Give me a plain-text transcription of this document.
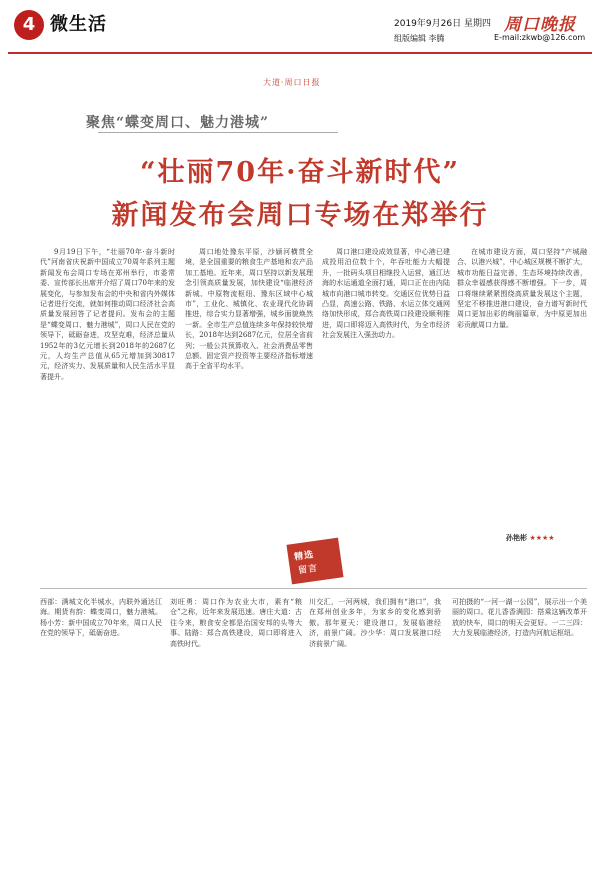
4 微生活	2019年9月26日 星期四 周口晚报
组版编辑 李腾	E-mail:zkwb@126.com
大道·周口日报
聚焦“蝶变周口、魅力港城”
“壮丽70年·奋斗新时代”
新闻发布会周口专场在郑举行

9月19日下午，“壮丽70年·奋斗新时代”河南省庆祝新中国成立70周年系列主题新闻发布会周口专场在郑州举行，市委常委、宣传部长出席并介绍了周口70年来的发展变化，与参加发布会的中央和省内外媒体记者进行交流，就如何推动周口经济社会高质量发展回答了记者提问。发布会的主题是“蝶变周口、魅力港城”，周口人民在党的领导下，砥砺奋进，攻坚克难，经济总量从1952年的3亿元增长到2018年的2687亿元，人均生产总值从65元增加到30817元，经济实力、发展质量和人民生活水平显著提升。

周口地处豫东平原，沙颍河横贯全境，是全国重要的粮食生产基地和农产品加工基地。近年来，周口坚持以新发展理念引领高质量发展，加快建设“临港经济新城、中原物流枢纽、豫东区域中心城市”，工业化、城镇化、农业现代化协调推进，综合实力显著增强，城乡面貌焕然一新。全市生产总值连续多年保持较快增长，2018年达到2687亿元，位居全省前列；一般公共预算收入、社会消费品零售总额、固定资产投资等主要经济指标增速高于全省平均水平。

周口港口建设成效显著，中心港已建成投用泊位数十个，年吞吐能力大幅提升，一批码头项目相继投入运营，通江达海的水运通道全面打通，周口正在由内陆城市向港口城市转变。交通区位优势日益凸显，高速公路、铁路、水运立体交通网络加快形成，郑合高铁周口段建设顺利推进，周口即将迈入高铁时代，为全市经济社会发展注入强劲动力。

在城市建设方面，周口坚持“产城融合、以港兴城”，中心城区规模不断扩大，城市功能日益完善，生态环境持续改善，群众幸福感获得感不断增强。下一步，周口将继续紧紧围绕高质量发展这个主题，坚定不移推进港口建设，奋力谱写新时代周口更加出彩的绚丽篇章，为中原更加出彩贡献周口力量。

孙艳彬 ★★★★
精选
留言

西部：满城文化半城水，内联外通达江海。期货有韵：蝶变周口，魅力港城。杨小芳：新中国成立70年来，周口人民在党的领导下，砥砺奋进。

刘旺勇：周口作为农业大市，素有“粮仓”之称，近年来发展迅速。唐庄大道：古往今来，粮食安全都是治国安邦的头等大事。陆路：郑合高铁建设，周口即将进入高铁时代。

川交汇，一河两城，我们拥有“港口”，我在郑州创业多年，为家乡的变化感到骄傲。那年夏天：建设港口，发展临港经济，前景广阔。沙少华：周口发展港口经济前景广阔。

可拍摄的“一河一湖一公园”，展示出一个美丽的周口。花儿香香满园：搭乘这辆改革开放的快车，周口的明天会更好。一二三四：大力发展临港经济，打造内河航运枢纽。
